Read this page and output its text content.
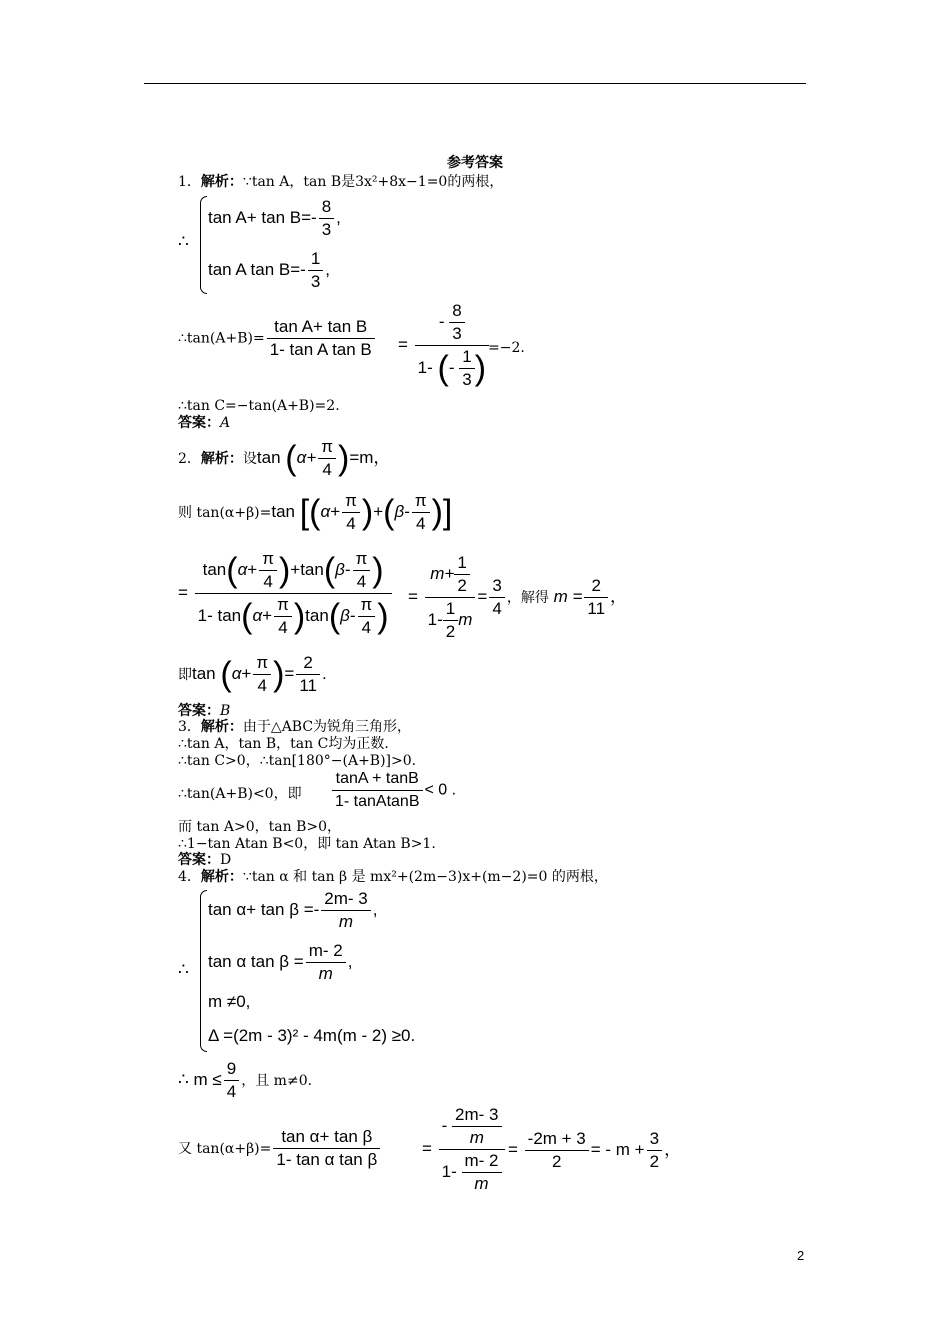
参考答案
1．解析：∵tan A，tan B是3x²+8x−1=0的两根，
∴
$\tan A+ \tan B=- \frac{8}{3}$ ,
tan A $\tan B=- \frac{1}{3}$ ,
∴tan(A+B)= $\frac{\text{tan A+ tan B}}{\text{1- tan A tan B}} = \frac{- \frac{8}{3}}{1- (- \frac{1}{3} )}$
=−2.
∴tan C=−tan(A+B)=2.
答案：A
2．解析：设$\tan (\alpha+ \frac{\pi}{4} )=m$，
则 tan(α+β)=tan [$(\alpha+ \frac{\pi}{4} )+(\beta- \frac{\pi}{4}$ )]
= $\frac{\tan(\alpha+ \frac{\pi}{4} )+\tan(\beta- \frac{\pi}{4} )}{1- \tan(\alpha+ \frac{\pi}{4} )\tan(\beta- \frac{\pi}{4} )} = \frac{m+ \frac{1}{2}}{1- \frac{1}{2} m} = \frac{3}{4}$ ，解得 $m = \frac{2}{11}$ ，
即$\tan (\alpha+ \frac{\pi}{4}$ )= $\frac{2}{11}$ .
答案：B
3．解析：由于△ABC为锐角三角形，
∴tan A，tan B，tan C均为正数.
∴tan C>0，∴tan[180°−(A+B)]>0.
∴tan(A+B)<0，即 $\frac{\tan A + \tan B}{\text{1- tanAtanB}} < 0$ .
而 tan A>0，tan B>0，
∴1−tan Atan B<0，即 tan Atan B>1.
答案：D
4．解析：∵tan α 和 tan β 是 mx²+(2m−3)x+(m−2)=0 的两根，
∴
$\tan \alpha+ \tan \beta =- \frac{2m- 3}{m}$ ,
tan α $\tan \beta = \frac{m- 2}{m}$ ,
m ≠0,
Δ =(2m - 3)² - 4m(m - 2) ≥0.
∴ $m \le \frac{9}{4}$ ，且 m≠0.
又 $\tan(\alpha+\beta)= \frac{\text{tan α+ tan β}}{\text{1- tan α tan β}} = \frac{- \frac{2m- 3}{m}}{1- \frac{m- 2}{m}} = \frac{-2m + 3}{2}$ = - $m + \frac{3}{2}$ ，
2
